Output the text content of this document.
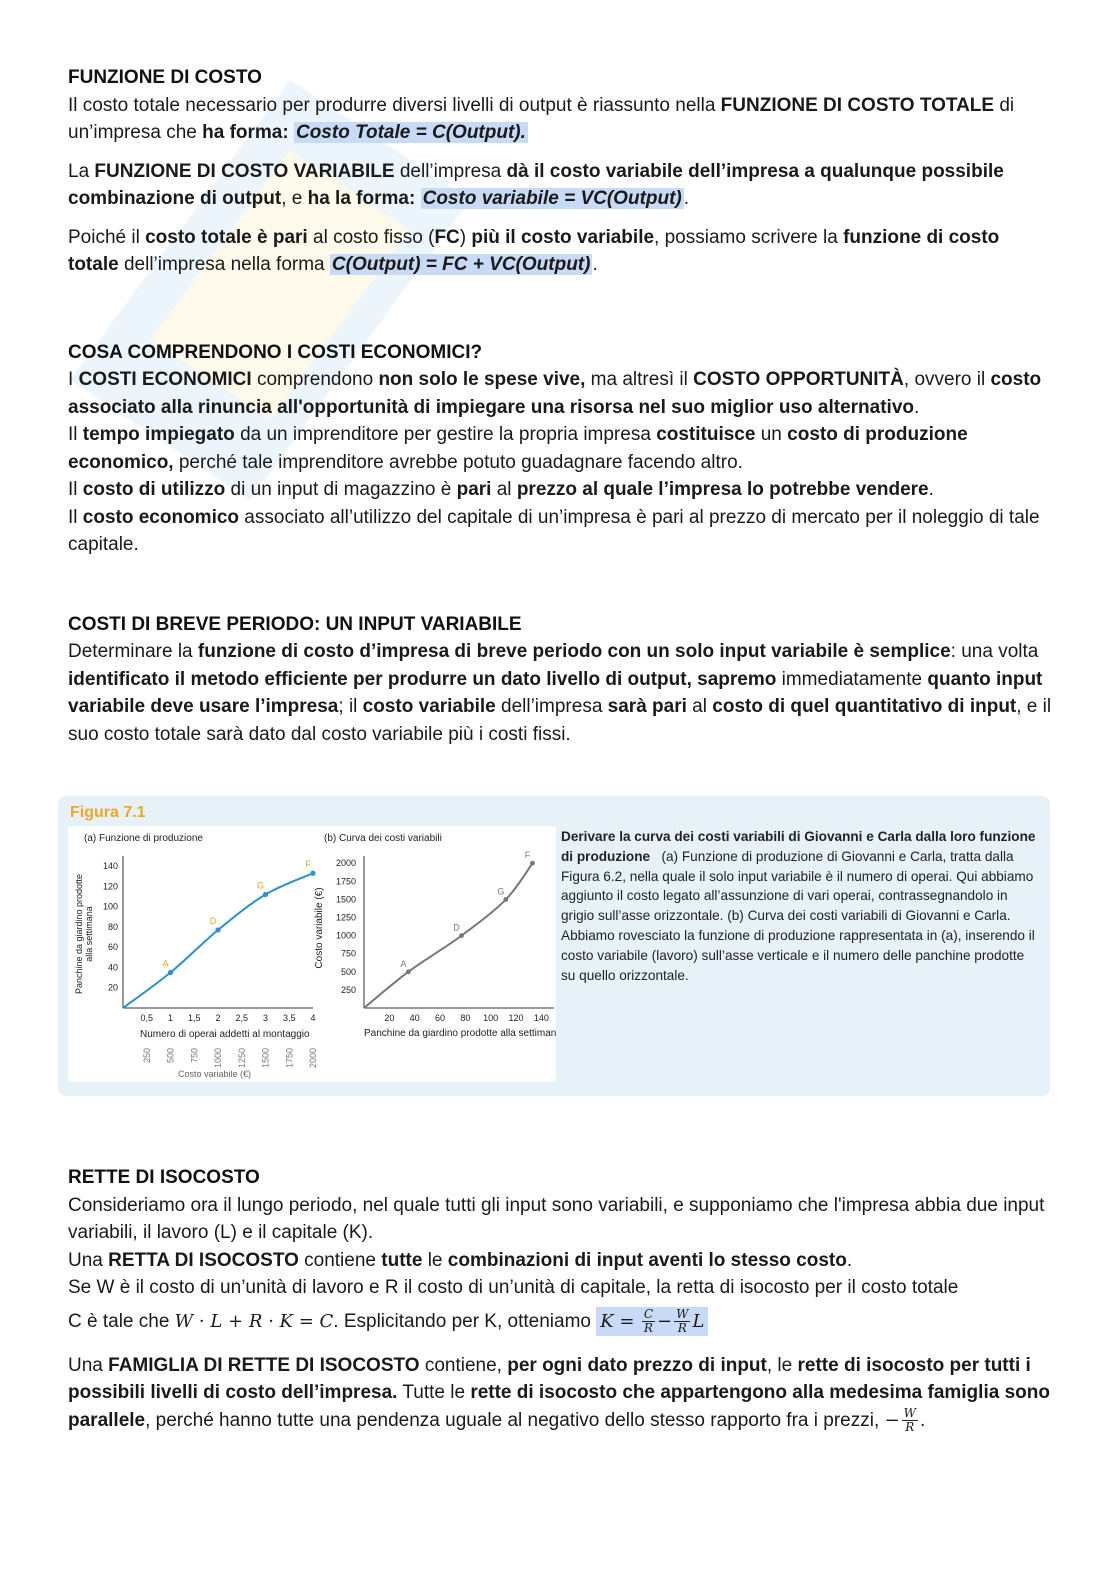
FUNZIONE DI COSTO

Il costo totale necessario per produrre diversi livelli di output è riassunto nella FUNZIONE DI COSTO TOTALE di un’impresa che ha forma: Costo Totale = C(Output).

La FUNZIONE DI COSTO VARIABILE dell’impresa dà il costo variabile dell’impresa a qualunque possibile combinazione di output, e ha la forma: Costo variabile = VC(Output) .

Poiché il costo totale è pari al costo fisso (FC) più il costo variabile, possiamo scrivere la funzione di costo totale dell’impresa nella forma C(Output) = FC + VC(Output) .

COSA COMPRENDONO I COSTI ECONOMICI?

I COSTI ECONOMICI comprendono non solo le spese vive, ma altresì il COSTO OPPORTUNITÀ, ovvero il costo associato alla rinuncia all'opportunità di impiegare una risorsa nel suo miglior uso alternativo.

Il tempo impiegato da un imprenditore per gestire la propria impresa costituisce un costo di produzione economico, perché tale imprenditore avrebbe potuto guadagnare facendo altro.

Il costo di utilizzo di un input di magazzino è pari al prezzo al quale l’impresa lo potrebbe vendere.

Il costo economico associato all’utilizzo del capitale di un’impresa è pari al prezzo di mercato per il noleggio di tale capitale.

COSTI DI BREVE PERIODO: UN INPUT VARIABILE

Determinare la funzione di costo d’impresa di breve periodo con un solo input variabile è semplice: una volta identificato il metodo efficiente per produrre un dato livello di output, sapremo immediatamente quanto input variabile deve usare l’impresa; il costo variabile dell’impresa sarà pari al costo di quel quantitativo di input, e il suo costo totale sarà dato dal costo variabile più i costi fissi.

Figura 7.1
(a) Funzione di produzione
20
40
60
80
100
120
140
0,5 1 1,5 2 2,5 3 3,5 4
250 500 750 1000 1250 1500 1750 2000
A
D
G
F
Numero di operai addetti al montaggio
Costo variabile (€)
Panchine da giardino prodotte alla settimana
(b) Curva dei costi variabili
250
500
750
1000
1250
1500
1750
2000
20 40 60 80 100 120 140
A
D
G
F
Panchine da giardino prodotte alla settimana
Costo variabile (€)
Derivare la curva dei costi variabili di Giovanni e Carla dalla loro funzione di produzione (a) Funzione di produzione di Giovanni e Carla, tratta dalla Figura 6.2, nella quale il solo input variabile è il numero di operai. Qui abbiamo aggiunto il costo legato all’assunzione di vari operai, contrassegnandolo in grigio sull’asse orizzontale. (b) Curva dei costi variabili di Giovanni e Carla. Abbiamo rovesciato la funzione di produzione rappresentata in (a), inserendo il costo variabile (lavoro) sull’asse verticale e il numero delle panchine prodotte su quello orizzontale.
RETTE DI ISOCOSTO

Consideriamo ora il lungo periodo, nel quale tutti gli input sono variabili, e supponiamo che l'impresa abbia due input variabili, il lavoro (L) e il capitale (K).

Una RETTA DI ISOCOSTO contiene tutte le combinazioni di input aventi lo stesso costo.

Se W è il costo di un’unità di lavoro e R il costo di un’unità di capitale, la retta di isocosto per il costo totale

C è tale che W · L + R · K = C. Esplicitando per K, otteniamo $K = \frac{C}{R} - \frac{W}{R}$ L

Una FAMIGLIA DI RETTE DI ISOCOSTO contiene, per ogni dato prezzo di input, le rette di isocosto per tutti i possibili livelli di costo dell’impresa. Tutte le rette di isocosto che appartengono alla medesima famiglia sono parallele, perché hanno tutte una pendenza uguale al negativo dello stesso rapporto fra i prezzi, − $\frac{W}{R}$ .
